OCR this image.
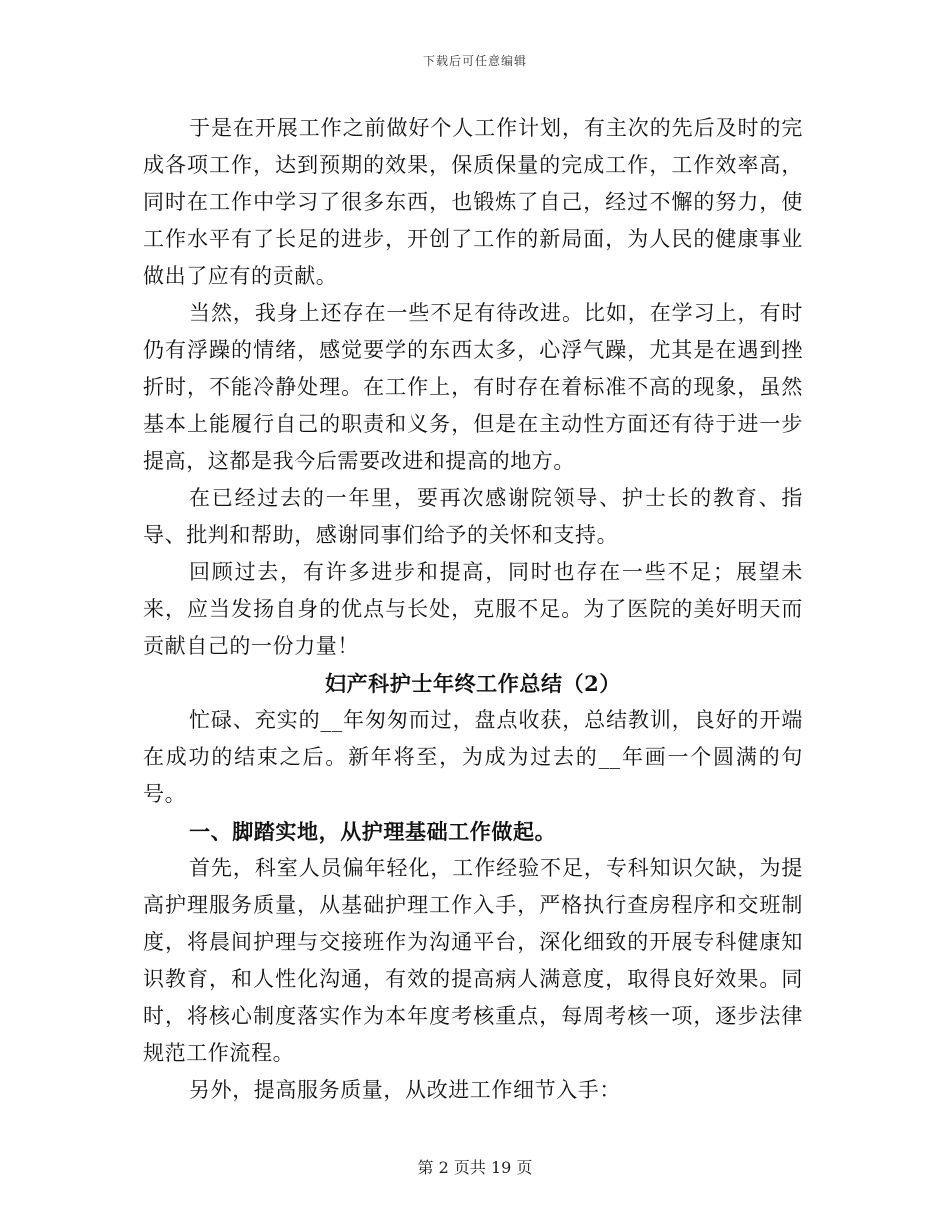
下载后可任意编辑

于是在开展工作之前做好个人工作计划，有主次的先后及时的完成各项工作，达到预期的效果，保质保量的完成工作，工作效率高，同时在工作中学习了很多东西，也锻炼了自己，经过不懈的努力，使工作水平有了长足的进步，开创了工作的新局面，为人民的健康事业做出了应有的贡献。

当然，我身上还存在一些不足有待改进。比如，在学习上，有时仍有浮躁的情绪，感觉要学的东西太多，心浮气躁，尤其是在遇到挫折时，不能冷静处理。在工作上，有时存在着标准不高的现象，虽然基本上能履行自己的职责和义务，但是在主动性方面还有待于进一步提高，这都是我今后需要改进和提高的地方。

在已经过去的一年里，要再次感谢院领导、护士长的教育、指导、批判和帮助，感谢同事们给予的关怀和支持。

回顾过去，有许多进步和提高，同时也存在一些不足；展望未来，应当发扬自身的优点与长处，克服不足。为了医院的美好明天而贡献自己的一份力量！

妇产科护士年终工作总结（2）

忙碌、充实的__年匆匆而过，盘点收获，总结教训，良好的开端在成功的结束之后。新年将至，为成为过去的__年画一个圆满的句号。

一、脚踏实地，从护理基础工作做起。

首先，科室人员偏年轻化，工作经验不足，专科知识欠缺，为提高护理服务质量，从基础护理工作入手，严格执行查房程序和交班制度，将晨间护理与交接班作为沟通平台，深化细致的开展专科健康知识教育，和人性化沟通，有效的提高病人满意度，取得良好效果。同时，将核心制度落实作为本年度考核重点，每周考核一项，逐步法律规范工作流程。

另外，提高服务质量，从改进工作细节入手：

第 2 页共 19 页
